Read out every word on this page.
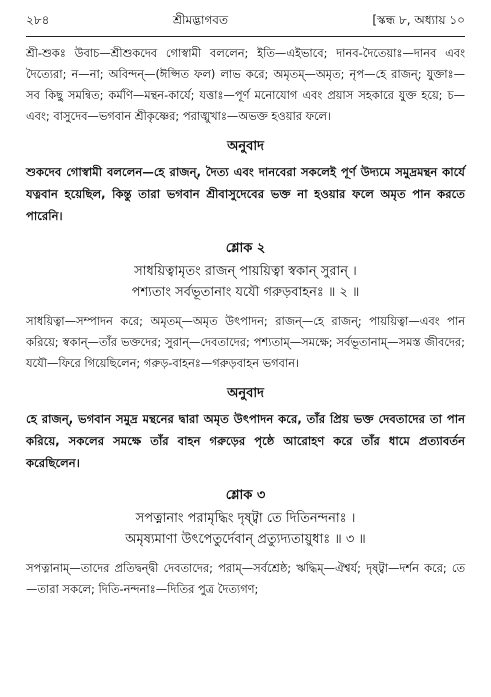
২৮৪	শ্রীমদ্ভাগবত	[স্কন্ধ ৮, অধ্যায় ১০

শ্রী-শুকঃ উবাচ—শ্রীশুকদেব গোস্বামী বললেন; ইতি—এইভাবে; দানব-দৈতেয়াঃ—দানব এবং দৈত্যেরা; ন—না; অবিন্দন্—(ঈপ্সিত ফল) লাভ করে; অমৃতম্—অমৃত; নৃপ—হে রাজন্; যুক্তাঃ—সব কিছু সমন্বিত; কর্মণি—মন্থন-কার্যে; যত্তাঃ—পূর্ণ মনোযোগ এবং প্রয়াস সহকারে যুক্ত হয়ে; চ—এবং; বাসুদেব—ভগবান শ্রীকৃষ্ণের; পরাঙ্মুখাঃ—অভক্ত হওয়ার ফলে।

অনুবাদ

শুকদেব গোস্বামী বললেন—হে রাজন্, দৈত্য এবং দানবেরা সকলেই পূর্ণ উদ্যমে সমুদ্রমন্থন কার্যে যত্নবান হয়েছিল, কিন্তু তারা ভগবান শ্রীবাসুদেবের ভক্ত না হওয়ার ফলে অমৃত পান করতে পারেনি।

শ্লোক ২
সাধয়িত্বামৃতং রাজন্ পায়য়িত্বা স্বকান্ সুরান্ ।
পশ্যতাং সর্বভূতানাং যযৌ গরুড়বাহনঃ ॥ ২ ॥

সাধয়িত্বা—সম্পাদন করে; অমৃতম্—অমৃত উৎপাদন; রাজন্—হে রাজন্; পায়য়িত্বা—এবং পান করিয়ে; স্বকান্—তাঁর ভক্তদের; সুরান্—দেবতাদের; পশ্যতাম্—সমক্ষে; সর্বভূতানাম্—সমস্ত জীবদের; যযৌ—ফিরে গিয়েছিলেন; গরুড়-বাহনঃ—গরুড়বাহন ভগবান।

অনুবাদ

হে রাজন্, ভগবান সমুদ্র মন্থনের দ্বারা অমৃত উৎপাদন করে, তাঁর প্রিয় ভক্ত দেবতাদের তা পান করিয়ে, সকলের সমক্ষে তাঁর বাহন গরুড়ের পৃষ্ঠে আরোহণ করে তাঁর ধামে প্রত্যাবর্তন করেছিলেন।

শ্লোক ৩
সপত্নানাং পরামৃদ্ধিং দৃষ্ট্বা তে দিতিনন্দনাঃ ।
অমৃষ্যমাণা উৎপেতুর্দেবান্ প্রত্যুদ্যতায়ুধাঃ ॥ ৩ ॥

সপত্নানাম্—তাদের প্রতিদ্বন্দ্বী দেবতাদের; পরাম্—সর্বশ্রেষ্ঠ; ঋদ্ধিম্—ঐশ্বর্য; দৃষ্ট্বা—দর্শন করে; তে—তারা সকলে; দিতি-নন্দনাঃ—দিতির পুত্র দৈত্যগণ;
